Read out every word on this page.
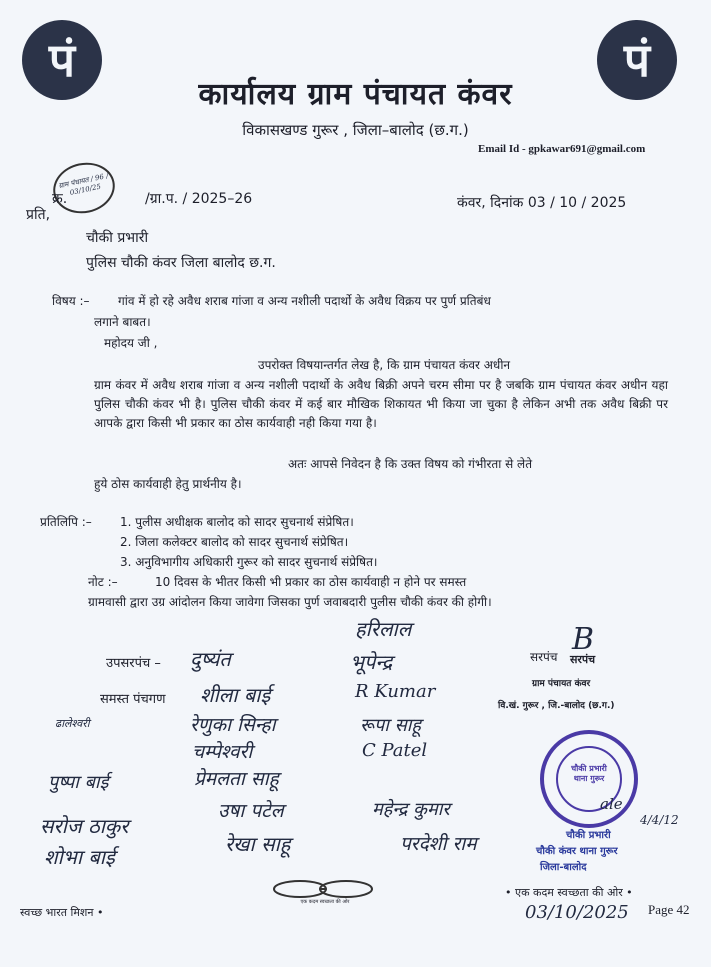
पं	पं
कार्यालय ग्राम पंचायत कंवर
विकासखण्ड गुरूर , जिला–बालोद (छ.ग.)
Email Id - gpkawar691@gmail.com
ग्राम पंचायत / 96 / 03/10/25
क्र.	/ग्रा.प. / 2025–26	कंवर, दिनांक 03 / 10 / 2025
प्रति,
चौकी प्रभारी
पुलिस चौकी कंवर जिला बालोद छ.ग.
विषय :– गांव में हो रहे अवैध शराब गांजा व अन्य नशीली पदार्थो के अवैध विक्रय पर पुर्ण प्रतिबंध
लगाने बाबत।
महोदय जी ,
उपरोक्त विषयान्तर्गत लेख है, कि ग्राम पंचायत कंवर अधीन
ग्राम कंवर में अवैध शराब गांजा व अन्य नशीली पदार्थो के अवैध बिक्री अपने चरम सीमा पर है जबकि ग्राम पंचायत कंवर अधीन यहा पुलिस चौकी कंवर भी है। पुलिस चौकी कंवर में कई बार मौखिक शिकायत भी किया जा चुका है लेकिन अभी तक अवैध बिक्री पर आपके द्वारा किसी भी प्रकार का ठोस कार्यवाही नही किया गया है।
अतः आपसे निवेदन है कि उक्त विषय को गंभीरता से लेते
हुये ठोस कार्यवाही हेतु प्रार्थनीय है।
प्रतिलिपि :– 1. पुलीस अधीक्षक बालोद को सादर सुचनार्थ संप्रेषित।
2. जिला कलेक्टर बालोद को सादर सुचनार्थ संप्रेषित।
3. अनुविभागीय अधिकारी गुरूर को सादर सुचनार्थ संप्रेषित।
नोट :–	10 दिवस के भीतर किसी भी प्रकार का ठोस कार्यवाही न होने पर समस्त
ग्रामवासी द्वारा उग्र आंदोलन किया जावेगा जिसका पुर्ण जवाबदारी पुलीस चौकी कंवर की होगी।
हरिलाल
उपसरपंच – दुष्यंत	भूपेन्द्र	सरपंच B
सरपंच
ग्राम पंचायत कंवर
वि.खं. गुरूर , जि.-बालोद (छ.ग.)
समस्त पंचगण शीला बाई	R Kumar
रेणुका सिन्हा	रूपा साहू
ढालेश्वरी
चम्पेश्वरी	C Patel
पुष्पा बाई	प्रेमलता साहू
उषा पटेल	महेन्द्र कुमार
सरोज ठाकुर
शोभा बाई
रेखा साहू	परदेशी राम
चौकी प्रभारी थाना गुरूर
ale
4/4/12
चौकी प्रभारी
चौकी कंवर थाना गुरूर
जिला-बालोद
एक कदम स्वच्छता की ओर
स्वच्छ भारत मिशन •
• एक कदम स्वच्छता की ओर •
03/10/2025 Page 42
